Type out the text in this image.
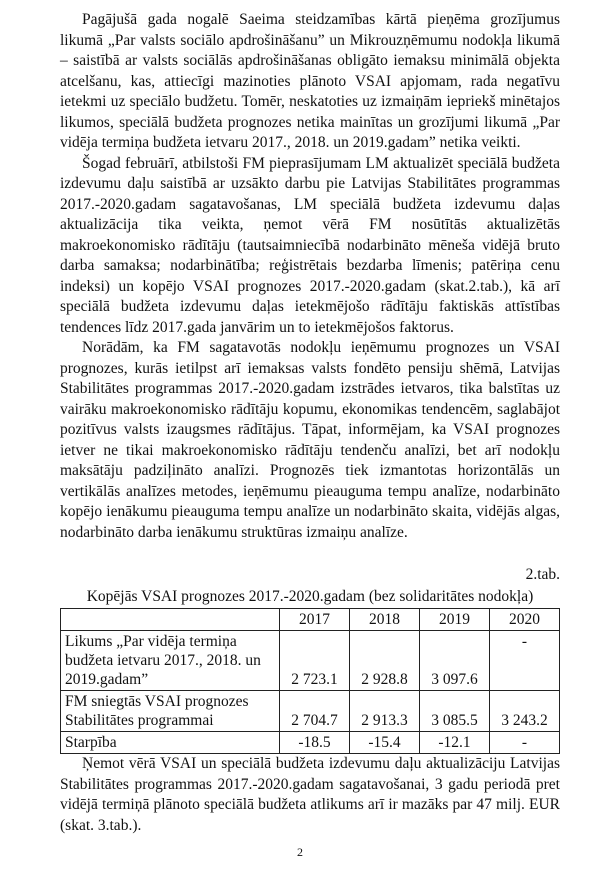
Pagājušā gada nogalē Saeima steidzamības kārtā pieņēma grozījumus likumā „Par valsts sociālo apdrošināšanu” un Mikrouzņēmumu nodokļa likumā – saistībā ar valsts sociālās apdrošināšanas obligāto iemaksu minimālā objekta atcelšanu, kas, attiecīgi mazinoties plānoto VSAI apjomam, rada negatīvu ietekmi uz speciālo budžetu. Tomēr, neskatoties uz izmaiņām iepriekš minētajos likumos, speciālā budžeta prognozes netika mainītas un grozījumi likumā „Par vidēja termiņa budžeta ietvaru 2017., 2018. un 2019.gadam” netika veikti.

Šogad februārī, atbilstoši FM pieprasījumam LM aktualizēt speciālā budžeta izdevumu daļu saistībā ar uzsākto darbu pie Latvijas Stabilitātes programmas 2017.-2020.gadam sagatavošanas, LM speciālā budžeta izdevumu daļas aktualizācija tika veikta, ņemot vērā FM nosūtītās aktualizētās makroekonomisko rādītāju (tautsaimniecībā nodarbināto mēneša vidējā bruto darba samaksa; nodarbinātība; reģistrētais bezdarba līmenis; patēriņa cenu indeksi) un kopējo VSAI prognozes 2017.-2020.gadam (skat.2.tab.), kā arī speciālā budžeta izdevumu daļas ietekmējošo rādītāju faktiskās attīstības tendences līdz 2017.gada janvārim un to ietekmējošos faktorus.

Norādām, ka FM sagatavotās nodokļu ieņēmumu prognozes un VSAI prognozes, kurās ietilpst arī iemaksas valsts fondēto pensiju shēmā, Latvijas Stabilitātes programmas 2017.-2020.gadam izstrādes ietvaros, tika balstītas uz vairāku makroekonomisko rādītāju kopumu, ekonomikas tendencēm, saglabājot pozitīvus valsts izaugsmes rādītājus. Tāpat, informējam, ka VSAI prognozes ietver ne tikai makroekonomisko rādītāju tendenču analīzi, bet arī nodokļu maksātāju padziļināto analīzi. Prognozēs tiek izmantotas horizontālās un vertikālās analīzes metodes, ieņēmumu pieauguma tempu analīze, nodarbināto kopējo ienākumu pieauguma tempu analīze un nodarbināto skaita, vidējās algas, nodarbināto darba ienākumu struktūras izmaiņu analīze.

2.tab.
Kopējās VSAI prognozes 2017.-2020.gadam (bez solidaritātes nodokļa)
	2017	2018	2019	2020
Likums „Par vidēja termiņa budžeta ietvaru 2017., 2018. un 2019.gadam”	2 723.1	2 928.8	3 097.6	-
FM sniegtās VSAI prognozes Stabilitātes programmai	2 704.7	2 913.3	3 085.5	3 243.2
Starpība	-18.5	-15.4	-12.1	-

Ņemot vērā VSAI un speciālā budžeta izdevumu daļu aktualizāciju Latvijas Stabilitātes programmas 2017.-2020.gadam sagatavošanai, 3 gadu periodā pret vidējā termiņā plānoto speciālā budžeta atlikums arī ir mazāks par 47 milj. EUR (skat. 3.tab.).

2
